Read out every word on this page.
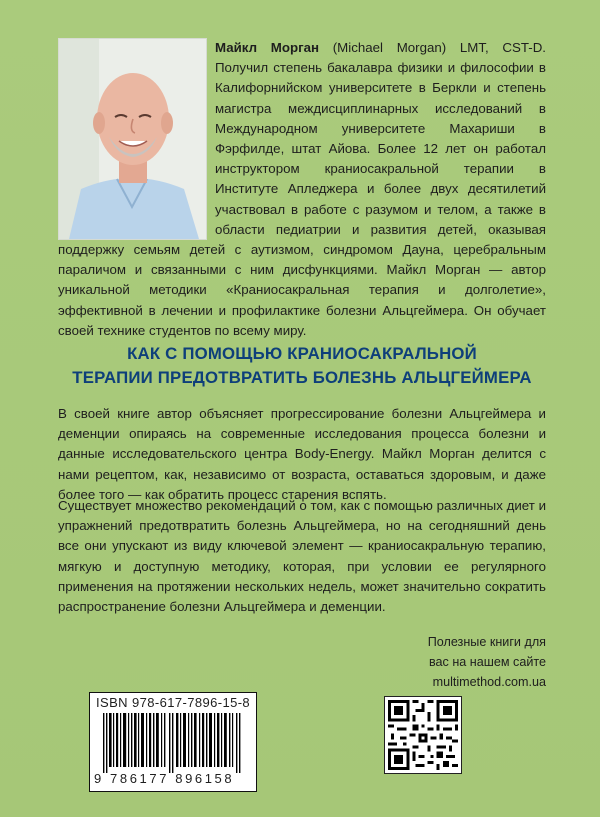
Майкл Морган (Michael Morgan) LMT, CST-D. Получил степень бакалавра физики и философии в Калифорнийском университете в Беркли и степень магистра междисциплинарных исследований в Международном университете Махариши в Фэрфилде, штат Айова. Более 12 лет он работал инструктором краниосакральной терапии в Институте Апледжера и более двух десятилетий участвовал в работе с разумом и телом, а также в области педиатрии и развития детей, оказывая поддержку семьям детей с аутизмом, синдромом Дауна, церебральным параличом и связанными с ним дисфункциями. Майкл Морган — автор уникальной методики «Краниосакральная терапия и долголетие», эффективной в лечении и профилактике болезни Альцгеймера. Он обучает своей технике студентов по всему миру.
КАК С ПОМОЩЬЮ КРАНИОСАКРАЛЬНОЙ
ТЕРАПИИ ПРЕДОТВРАТИТЬ БОЛЕЗНЬ АЛЬЦГЕЙМЕРА
В своей книге автор объясняет прогрессирование болезни Альцгеймера и деменции опираясь на современные исследования процесса болезни и данные исследовательского центра Body-Energy. Майкл Морган делится с нами рецептом, как, независимо от возраста, оставаться здоровым, и даже более того — как обратить процесс старения вспять.
Существует множество рекомендаций о том, как с помощью различных диет и упражнений предотвратить болезнь Альцгеймера, но на сегодняшний день все они упускают из виду ключевой элемент — краниосакральную терапию, мягкую и доступную методику, которая, при условии ее регулярного применения на протяжении нескольких недель, может значительно сократить распространение болезни Альцгеймера и деменции.
Полезные книги для
вас на нашем сайте
multimethod.com.ua
ISBN 978-617-7896-15-8
9 786177 896158
